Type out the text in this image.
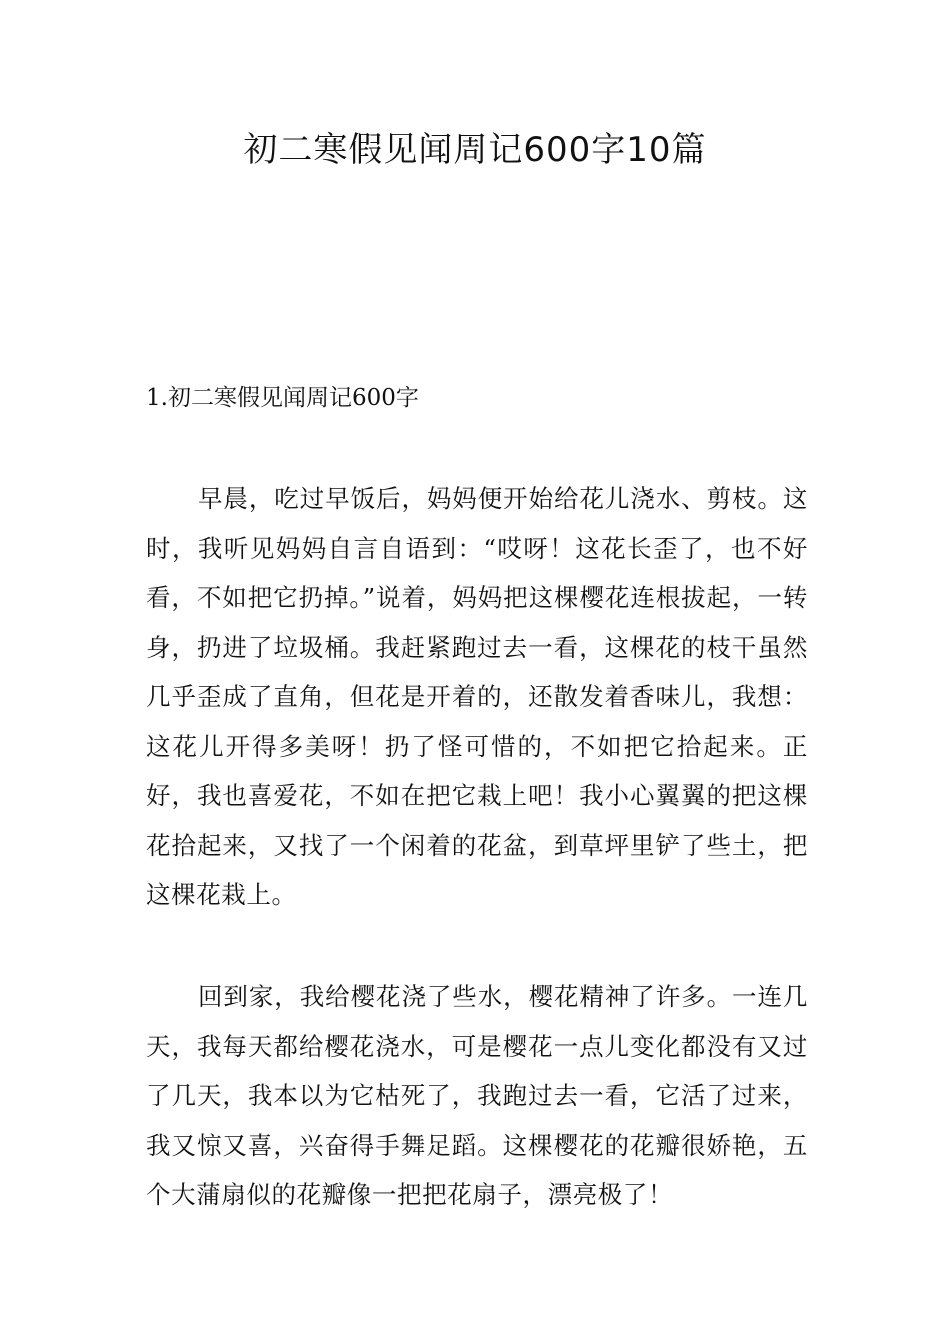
初二寒假见闻周记600字10篇
1.初二寒假见闻周记600字

早晨，吃过早饭后，妈妈便开始给花儿浇水、剪枝。这时，我听见妈妈自言自语到：“哎呀！这花长歪了，也不好看，不如把它扔掉。”说着，妈妈把这棵樱花连根拔起，一转身，扔进了垃圾桶。我赶紧跑过去一看，这棵花的枝干虽然几乎歪成了直角，但花是开着的，还散发着香味儿，我想：这花儿开得多美呀！扔了怪可惜的，不如把它拾起来。正好，我也喜爱花，不如在把它栽上吧！我小心翼翼的把这棵花拾起来，又找了一个闲着的花盆，到草坪里铲了些土，把这棵花栽上。

回到家，我给樱花浇了些水，樱花精神了许多。一连几天，我每天都给樱花浇水，可是樱花一点儿变化都没有又过了几天，我本以为它枯死了，我跑过去一看，它活了过来，我又惊又喜，兴奋得手舞足蹈。这棵樱花的花瓣很娇艳，五个大蒲扇似的花瓣像一把把花扇子，漂亮极了！
